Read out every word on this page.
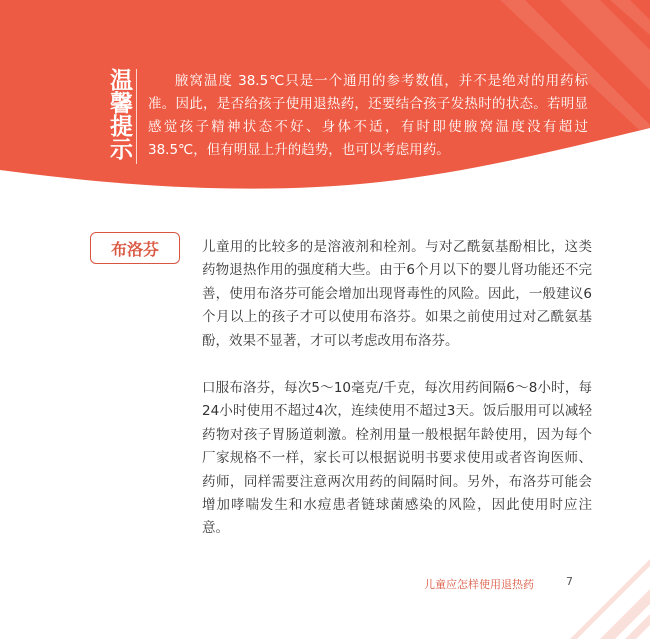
温馨提示	腋窝温度 38.5℃只是一个通用的参考数值，并不是绝对的用药标准。因此，是否给孩子使用退热药，还要结合孩子发热时的状态。若明显感觉孩子精神状态不好、身体不适，有时即使腋窝温度没有超过 38.5℃，但有明显上升的趋势，也可以考虑用药。

布洛芬	儿童用的比较多的是溶液剂和栓剂。与对乙酰氨基酚相比，这类药物退热作用的强度稍大些。由于6个月以下的婴儿肾功能还不完善，使用布洛芬可能会增加出现肾毒性的风险。因此，一般建议6个月以上的孩子才可以使用布洛芬。如果之前使用过对乙酰氨基酚，效果不显著，才可以考虑改用布洛芬。

口服布洛芬，每次5～10毫克/千克，每次用药间隔6～8小时，每24小时使用不超过4次，连续使用不超过3天。饭后服用可以减轻药物对孩子胃肠道刺激。栓剂用量一般根据年龄使用，因为每个厂家规格不一样，家长可以根据说明书要求使用或者咨询医师、药师，同样需要注意两次用药的间隔时间。另外，布洛芬可能会增加哮喘发生和水痘患者链球菌感染的风险，因此使用时应注意。

儿童应怎样使用退热药	7
